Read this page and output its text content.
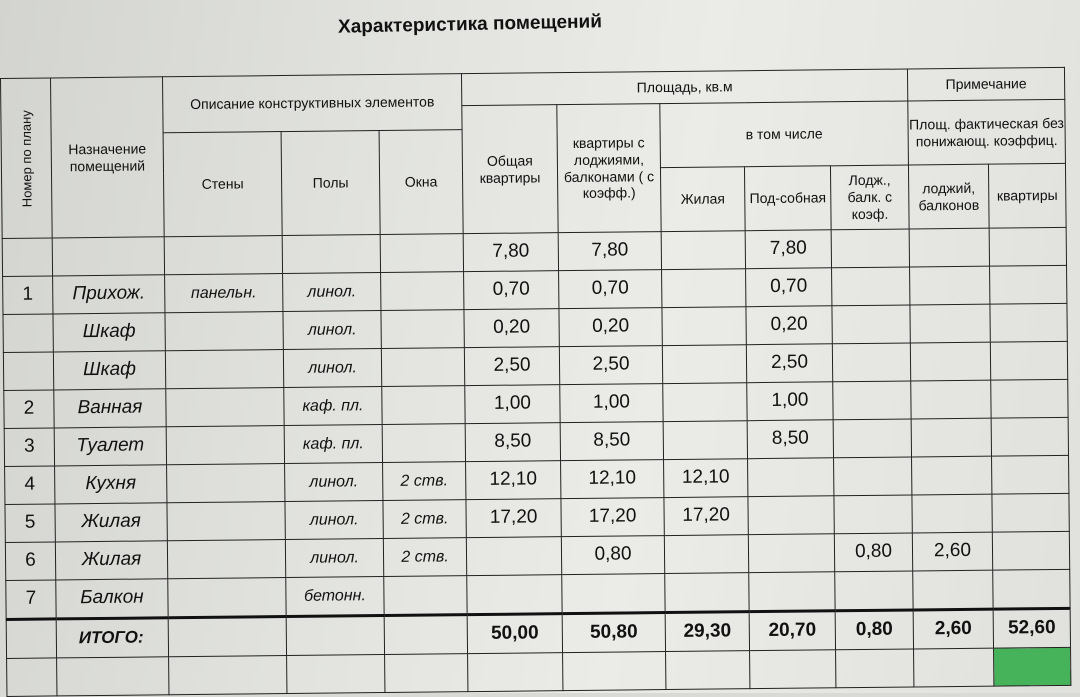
Характеристика помещений
Номер по плану	Назначение помещений	Описание конструктивных элементов			Площадь, кв.м					Примечание	
					Общая квартиры	квартиры с лоджиями, балконами ( с коэфф.)	в том числе			Площ. фактическая без понижающ. коэффиц.	
		Стены	Полы	Окна							
							Жилая	Под-собная	Лодж., балк. с коэф.	лоджий, балконов	квартиры
					7,80	7,80		7,80			
1	Прихож.	панельн.	линол.		0,70	0,70		0,70			
	Шкаф		линол.		0,20	0,20		0,20			
	Шкаф		линол.		2,50	2,50		2,50			
2	Ванная		каф. пл.		1,00	1,00		1,00			
3	Туалет		каф. пл.		8,50	8,50		8,50			
4	Кухня		линол.	2 ств.	12,10	12,10	12,10				
5	Жилая		линол.	2 ств.	17,20	17,20	17,20				
6	Жилая		линол.	2 ств.		0,80			0,80	2,60	
7	Балкон		бетонн.								
	ИТОГО:				50,00	50,80	29,30	20,70	0,80	2,60	52,60
